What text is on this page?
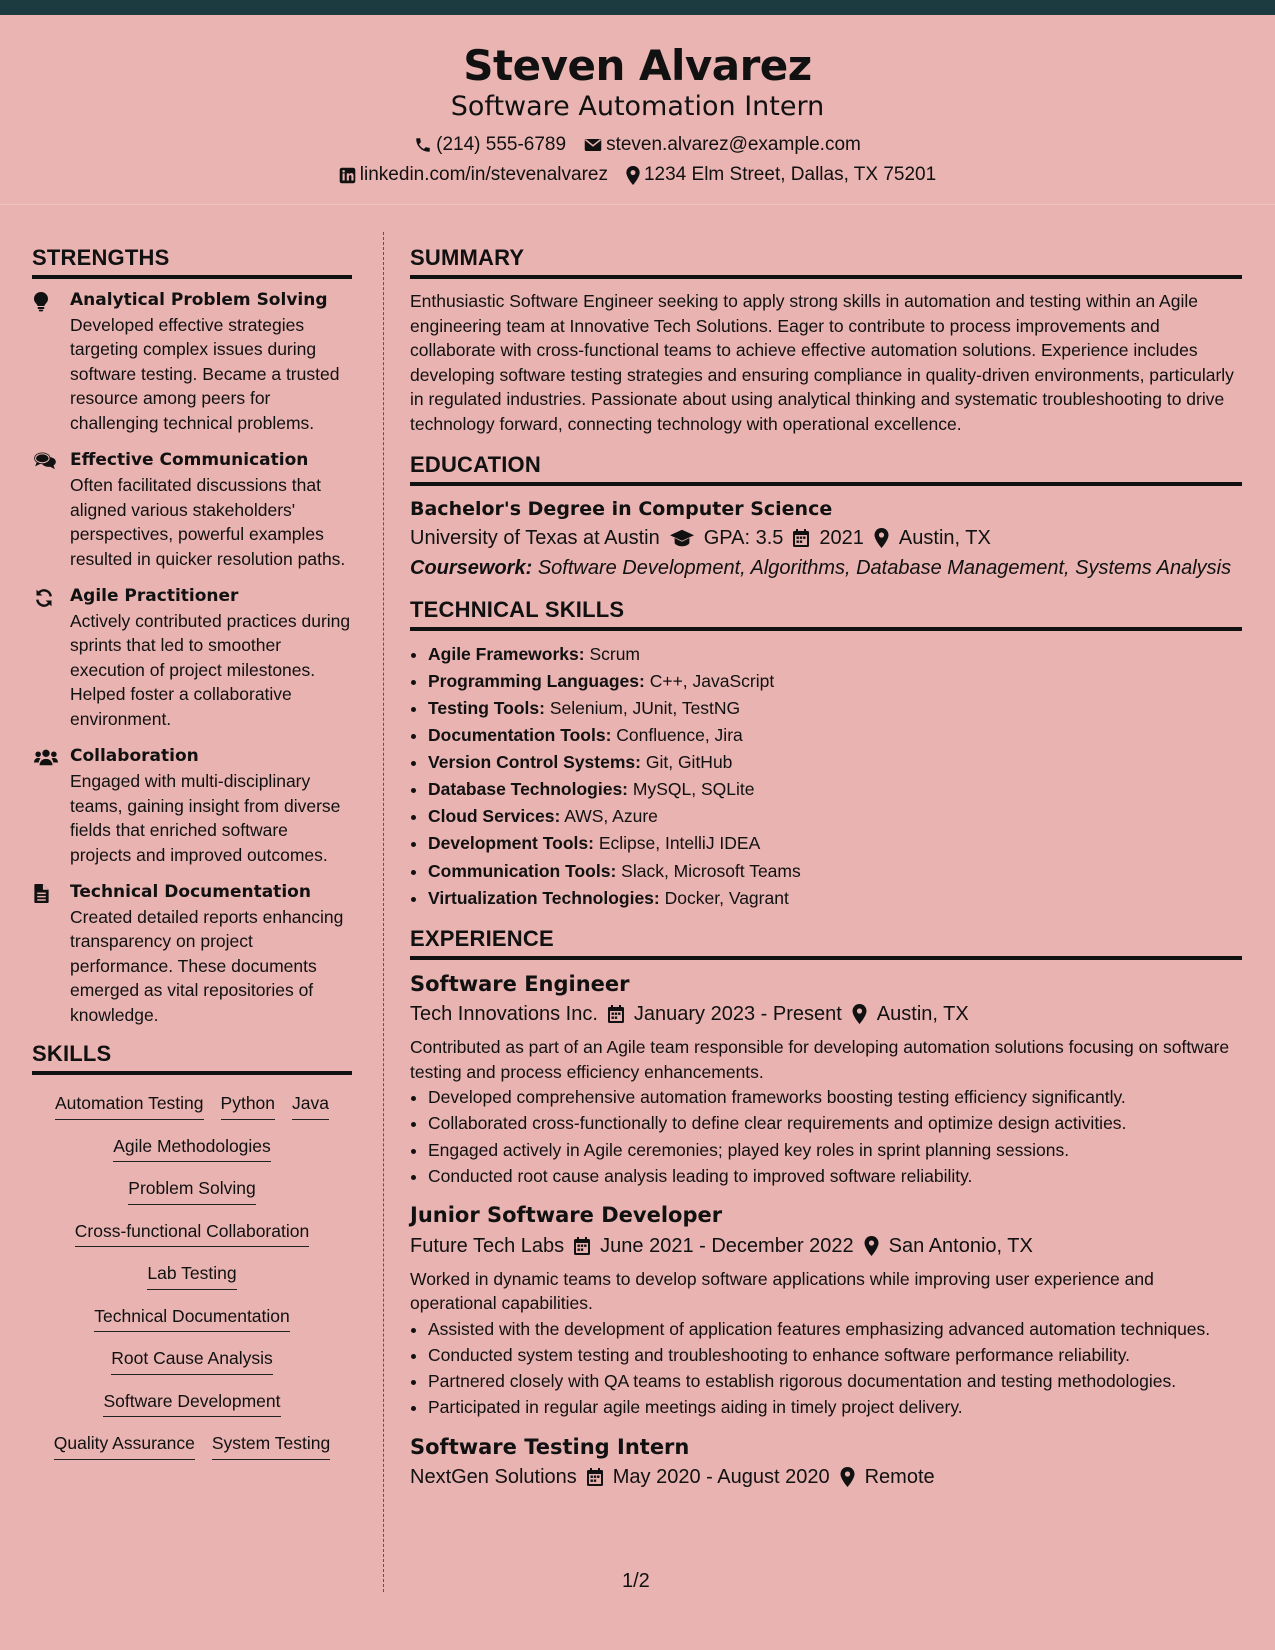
Steven Alvarez
Software Automation Intern
(214) 555-6789 steven.alvarez@example.com
linkedin.com/in/stevenalvarez 1234 Elm Street, Dallas, TX 75201
STRENGTHS
Analytical Problem Solving
Developed effective strategies targeting complex issues during software testing. Became a trusted resource among peers for challenging technical problems.
Effective Communication
Often facilitated discussions that aligned various stakeholders' perspectives, powerful examples resulted in quicker resolution paths.
Agile Practitioner
Actively contributed practices during sprints that led to smoother execution of project milestones. Helped foster a collaborative environment.
Collaboration
Engaged with multi-disciplinary teams, gaining insight from diverse fields that enriched software projects and improved outcomes.
Technical Documentation
Created detailed reports enhancing transparency on project performance. These documents emerged as vital repositories of knowledge.
SKILLS
Automation Testing Python Java
Agile Methodologies
Problem Solving
Cross-functional Collaboration
Lab Testing
Technical Documentation
Root Cause Analysis
Software Development
Quality Assurance System Testing
SUMMARY
Enthusiastic Software Engineer seeking to apply strong skills in automation and testing within an Agile engineering team at Innovative Tech Solutions. Eager to contribute to process improvements and collaborate with cross-functional teams to achieve effective automation solutions. Experience includes developing software testing strategies and ensuring compliance in quality-driven environments, particularly in regulated industries. Passionate about using analytical thinking and systematic troubleshooting to drive technology forward, connecting technology with operational excellence.
EDUCATION
Bachelor's Degree in Computer Science
University of Texas at Austin GPA: 3.5 2021 Austin, TX
Coursework: Software Development, Algorithms, Database Management, Systems Analysis
TECHNICAL SKILLS
• Agile Frameworks: Scrum
• Programming Languages: C++, JavaScript
• Testing Tools: Selenium, JUnit, TestNG
• Documentation Tools: Confluence, Jira
• Version Control Systems: Git, GitHub
• Database Technologies: MySQL, SQLite
• Cloud Services: AWS, Azure
• Development Tools: Eclipse, IntelliJ IDEA
• Communication Tools: Slack, Microsoft Teams
• Virtualization Technologies: Docker, Vagrant
EXPERIENCE
Software Engineer
Tech Innovations Inc. January 2023 - Present Austin, TX
Contributed as part of an Agile team responsible for developing automation solutions focusing on software testing and process efficiency enhancements.
• Developed comprehensive automation frameworks boosting testing efficiency significantly.
• Collaborated cross-functionally to define clear requirements and optimize design activities.
• Engaged actively in Agile ceremonies; played key roles in sprint planning sessions.
• Conducted root cause analysis leading to improved software reliability.
Junior Software Developer
Future Tech Labs June 2021 - December 2022 San Antonio, TX
Worked in dynamic teams to develop software applications while improving user experience and operational capabilities.
• Assisted with the development of application features emphasizing advanced automation techniques.
• Conducted system testing and troubleshooting to enhance software performance reliability.
• Partnered closely with QA teams to establish rigorous documentation and testing methodologies.
• Participated in regular agile meetings aiding in timely project delivery.
Software Testing Intern
NextGen Solutions May 2020 - August 2020 Remote
1/2
